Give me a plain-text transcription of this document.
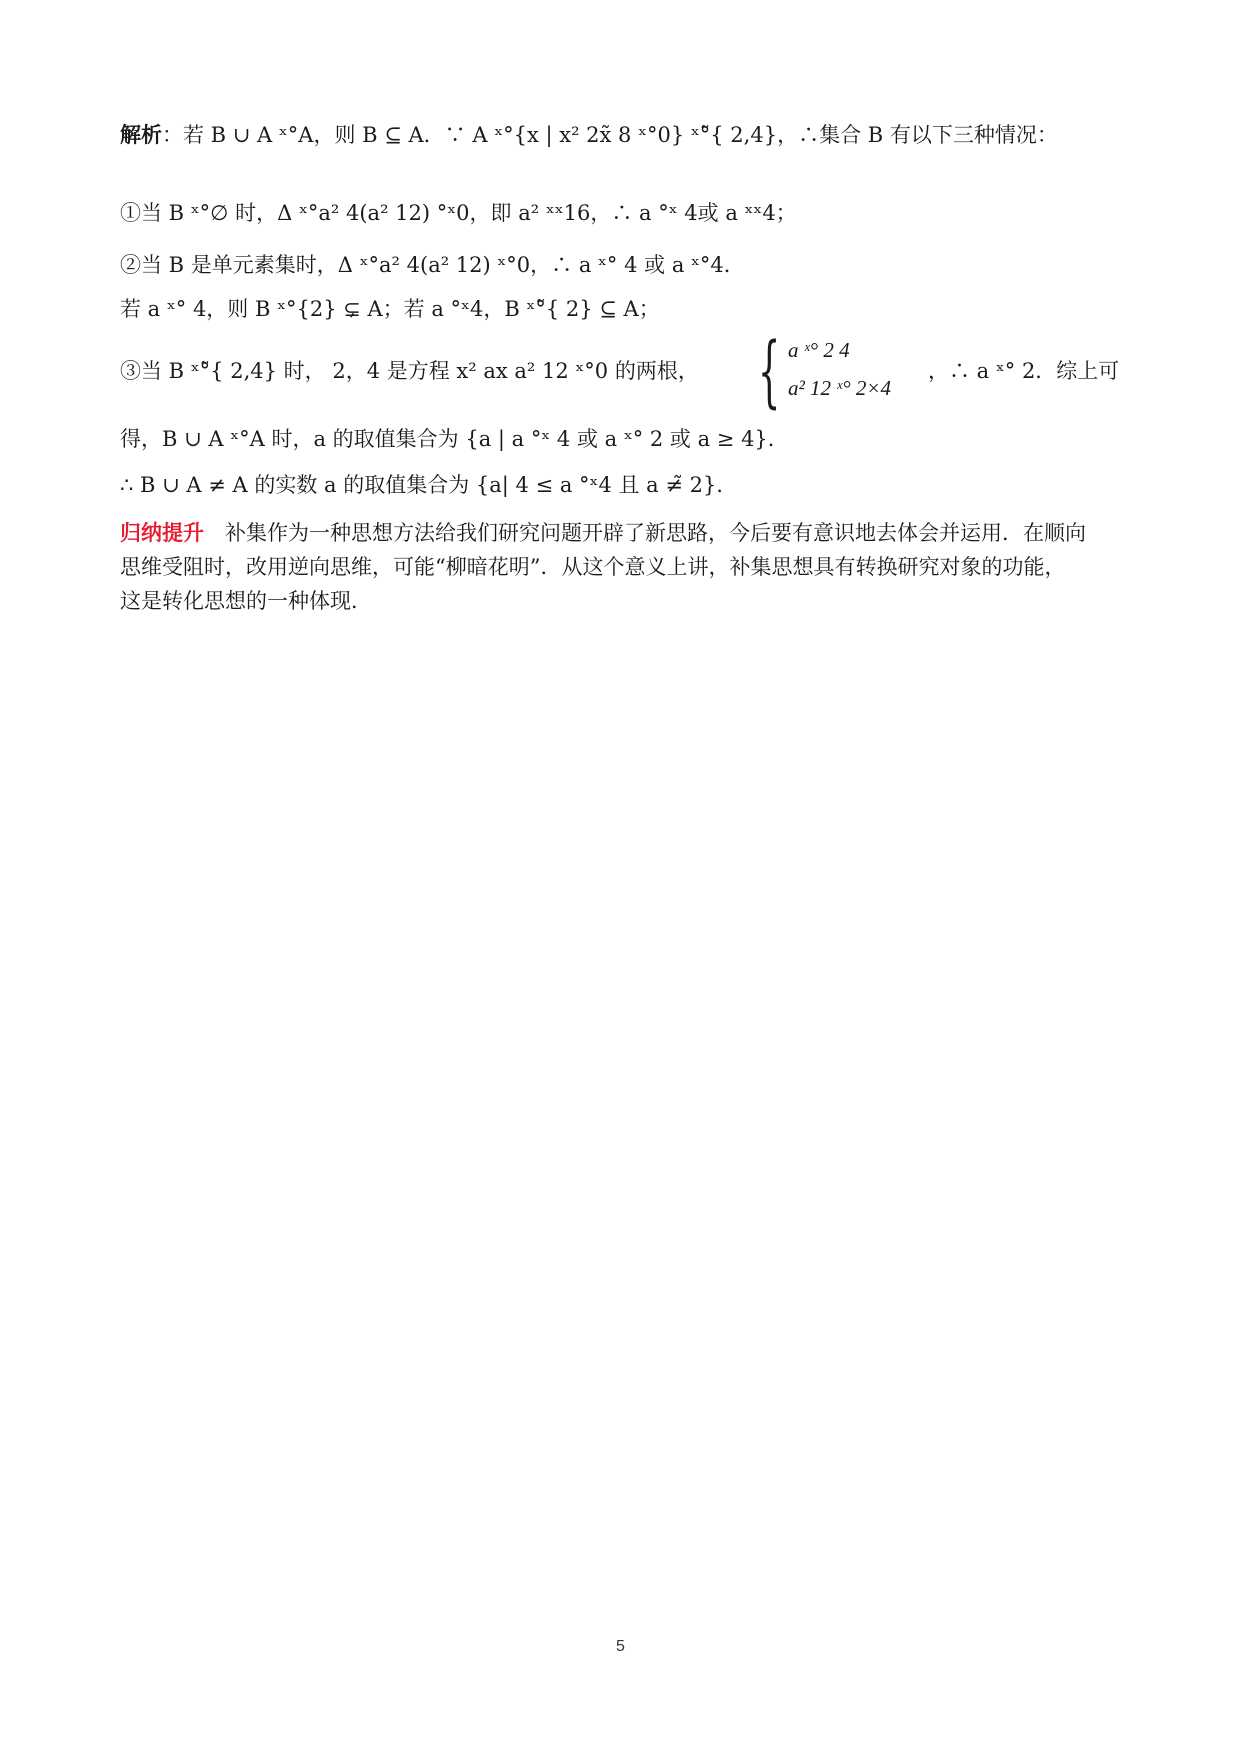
解析：若 B ∪ A ˣ°A，则 B ⊆ A．∵ A ˣ°{x | x² 2x̃ 8 ˣ°0} ˣ°̃{ 2,4}，∴集合 B 有以下三种情况：
①当 B ˣ°∅ 时，Δ ˣ°a² 4(a² 12) °ˣ0，即 a² ˣˣ16，∴ a °ˣ 4或 a ˣˣ4；
②当 B 是单元素集时，Δ ˣ°a² 4(a² 12) ˣ°0，∴ a ˣ° 4 或 a ˣ°4．
若 a ˣ° 4，则 B ˣ°{2} ⊊ A；若 a °ˣ4，B ˣ°̃{ 2} ⊆ A；
③当 B ˣ°̃{ 2,4} 时， 2，4 是方程 x² ax a² 12 ˣ°0 的两根， { a ˣ° 2 4
a² 12 ˣ° 2×4
，∴ a ˣ° 2．综上可
得，B ∪ A ˣ°A 时，a 的取值集合为 {a | a °ˣ 4 或 a ˣ° 2 或 a ≥ 4}．
∴ B ∪ A ≠ A 的实数 a 的取值集合为 {a| 4 ≤ a °ˣ4 且 a ≠̃ 2}．
归纳提升　补集作为一种思想方法给我们研究问题开辟了新思路，今后要有意识地去体会并运用．在顺向
思维受阻时，改用逆向思维，可能“柳暗花明”．从这个意义上讲，补集思想具有转换研究对象的功能，
这是转化思想的一种体现．
5
